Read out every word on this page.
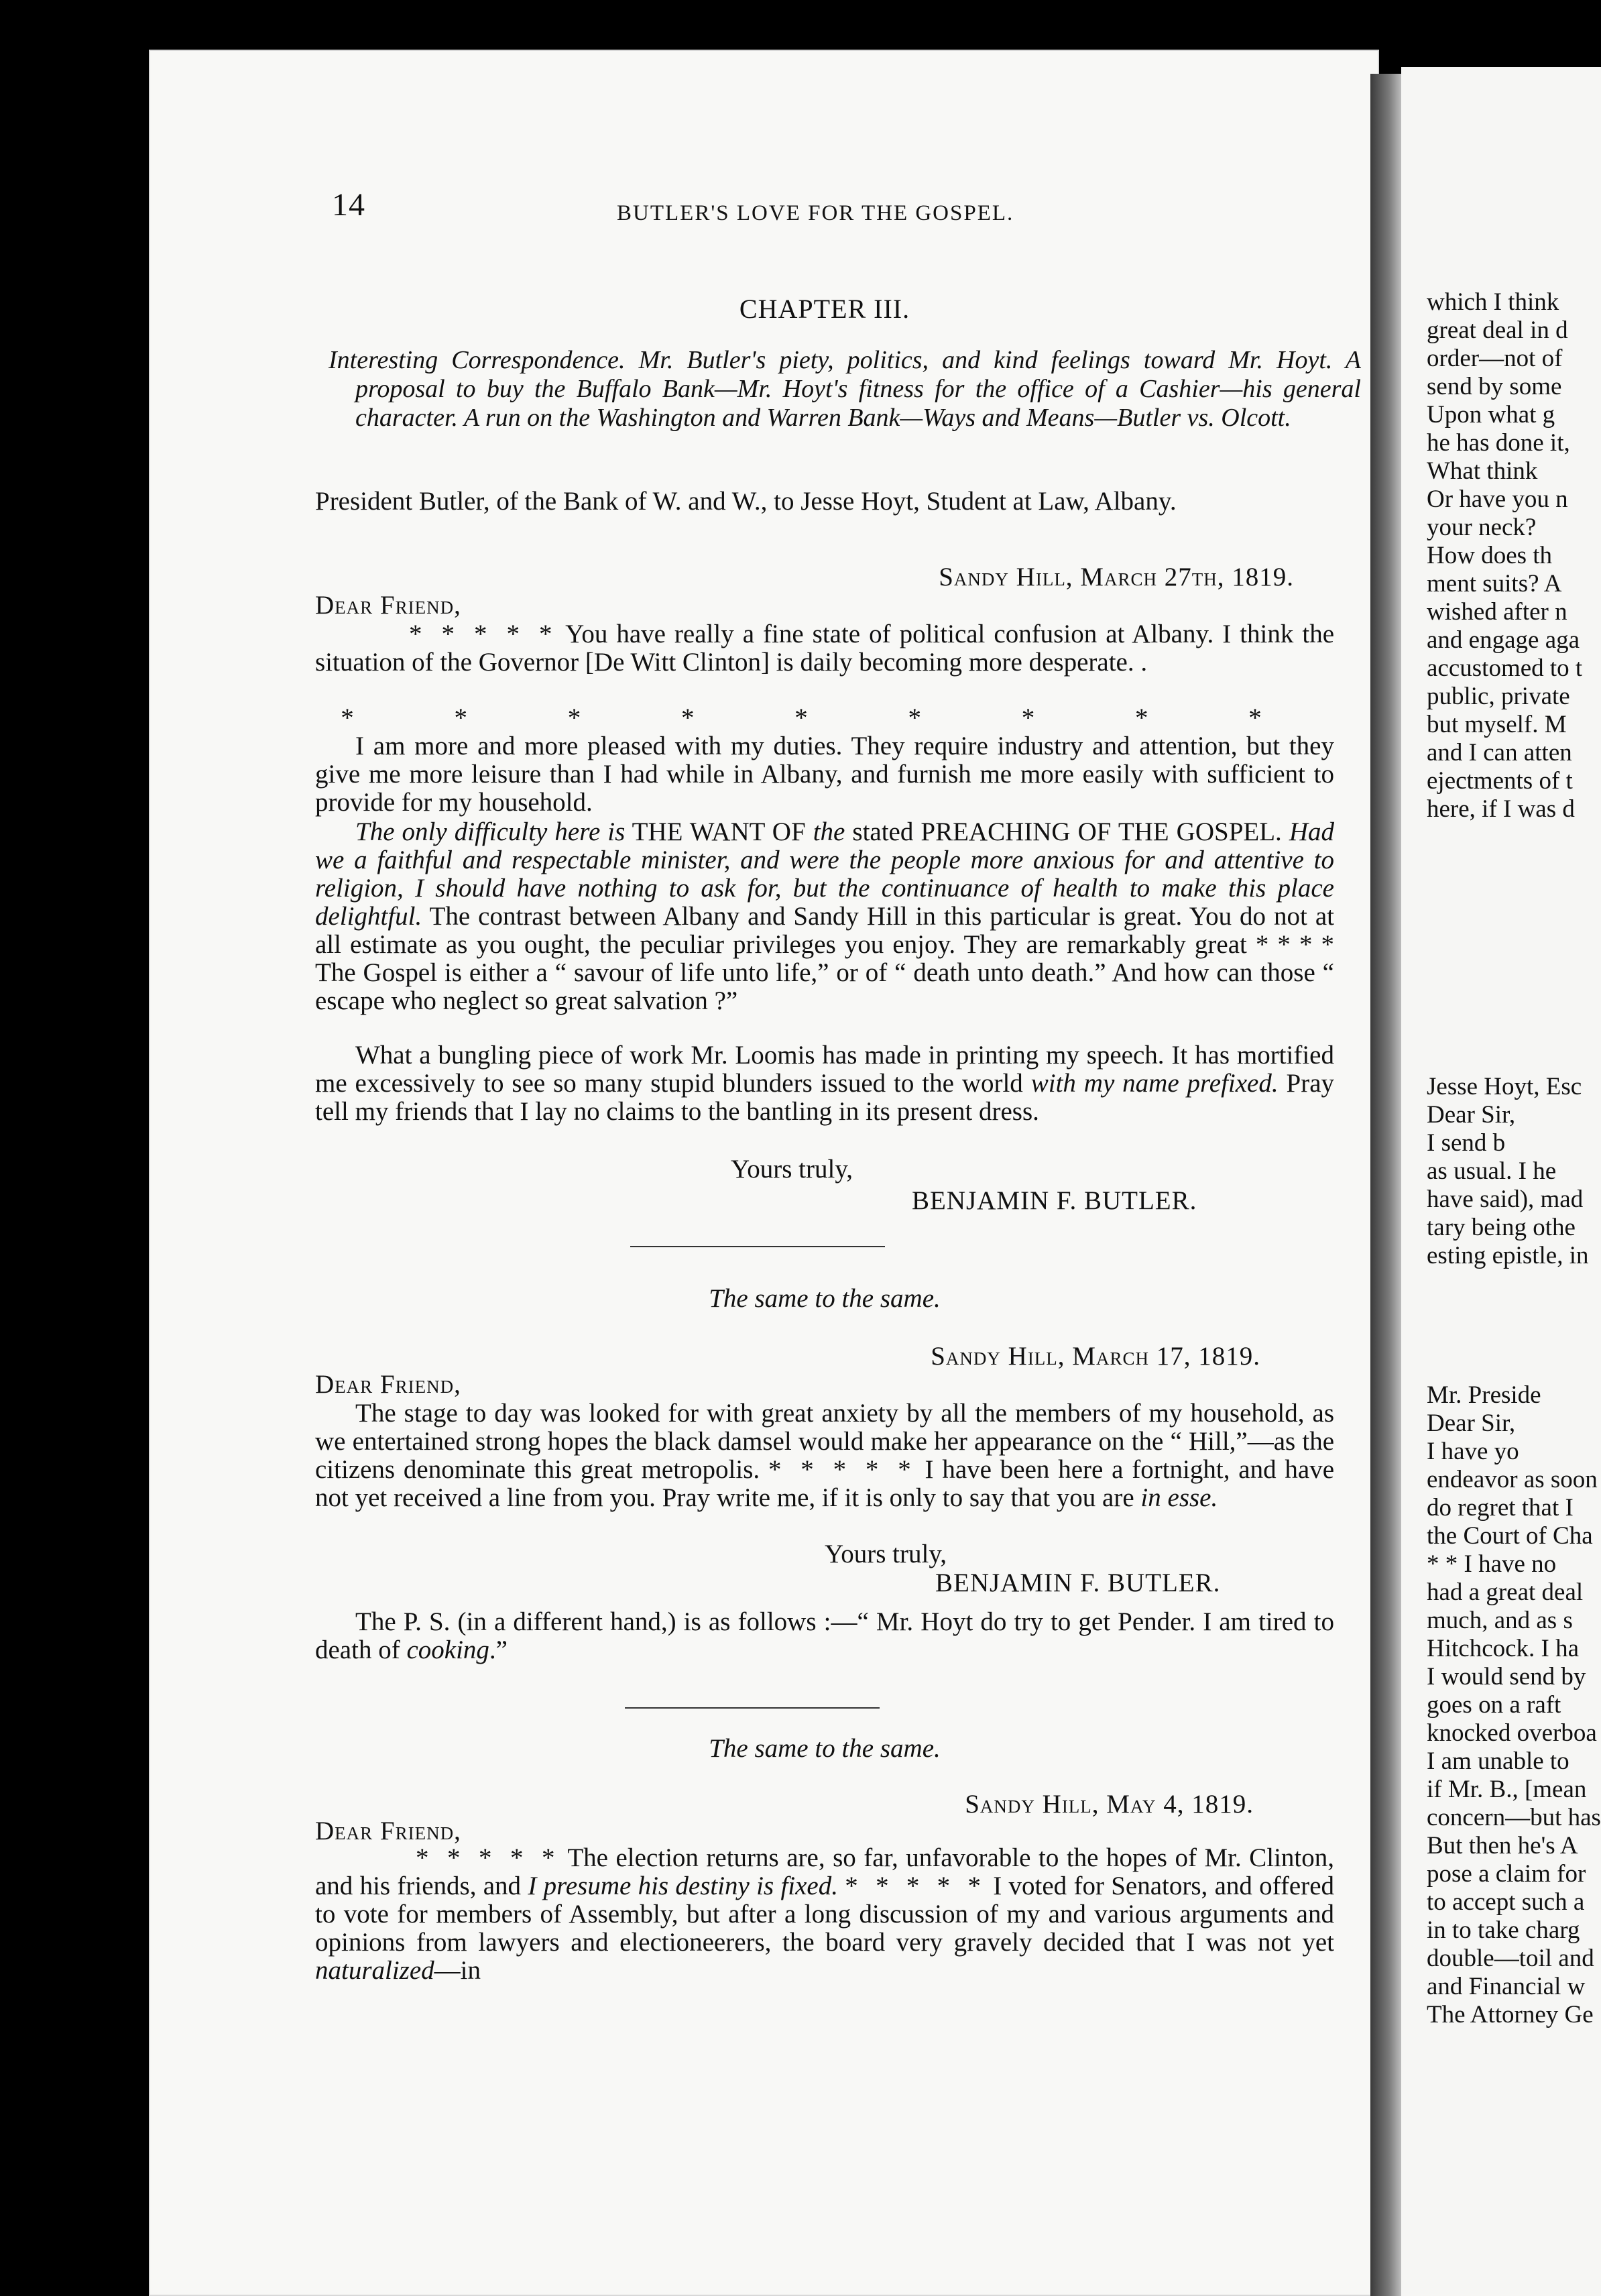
which I think
great deal in d
order—not of
send by some
Upon what g
he has done it,
What think
Or have you n
your neck?
How does th
ment suits? A
wished after n
and engage aga
accustomed to t
public, private
but myself. M
and I can atten
ejectments of t
here, if I was d
Jesse Hoyt, Esc
Dear Sir,
I send b
as usual. I he
have said), mad
tary being othe
esting epistle, in
Mr. Preside
Dear Sir,
I have yo
endeavor as soon
do regret that I
the Court of Cha
* * I have no
had a great deal
much, and as s
Hitchcock. I ha
I would send by
goes on a raft
knocked overboa
I am unable to
if Mr. B., [mean
concern—but has
But then he's A
pose a claim for
to accept such a
in to take charg
double—toil and
and Financial w
The Attorney Ge
14	BUTLER'S LOVE FOR THE GOSPEL.
CHAPTER III.
Interesting Correspondence. Mr. Butler's piety, politics, and kind feelings toward Mr. Hoyt. A proposal to buy the Buffalo Bank—Mr. Hoyt's fitness for the office of a Cashier—his general character. A run on the Washington and Warren Bank—Ways and Means—Butler vs. Olcott.
President Butler, of the Bank of W. and W., to Jesse Hoyt, Student at Law, Albany.
Sandy Hill, March 27th, 1819.
Dear Friend,
* * * * * You have really a fine state of political confusion at Albany. I think the situation of the Governor [De Witt Clinton] is daily becoming more desperate. .
* * * * * * * * *
I am more and more pleased with my duties. They require industry and attention, but they give me more leisure than I had while in Albany, and furnish me more easily with sufficient to provide for my household.
The only difficulty here is THE WANT OF the stated PREACHING OF THE GOSPEL. Had we a faithful and respectable minister, and were the people more anxious for and attentive to religion, I should have nothing to ask for, but the continuance of health to make this place delightful. The contrast between Albany and Sandy Hill in this particular is great. You do not at all estimate as you ought, the peculiar privileges you enjoy. They are remarkably great * * * * The Gospel is either a “ savour of life unto life,” or of “ death unto death.” And how can those “ escape who neglect so great salvation ?”
What a bungling piece of work Mr. Loomis has made in printing my speech. It has mortified me excessively to see so many stupid blunders issued to the world with my name prefixed. Pray tell my friends that I lay no claims to the bantling in its present dress.
Yours truly,
BENJAMIN F. BUTLER.
The same to the same.
Sandy Hill, March 17, 1819.
Dear Friend,
The stage to day was looked for with great anxiety by all the members of my household, as we entertained strong hopes the black damsel would make her appearance on the “ Hill,”—as the citizens denominate this great metropolis. * * * * * I have been here a fortnight, and have not yet received a line from you. Pray write me, if it is only to say that you are in esse.
Yours truly,
BENJAMIN F. BUTLER.
The P. S. (in a different hand,) is as follows :—“ Mr. Hoyt do try to get Pender. I am tired to death of cooking.”
The same to the same.
Sandy Hill, May 4, 1819.
Dear Friend,
* * * * * The election returns are, so far, unfavorable to the hopes of Mr. Clinton, and his friends, and I presume his destiny is fixed. * * * * * I voted for Senators, and offered to vote for members of Assembly, but after a long discussion of my and various arguments and opinions from lawyers and electioneerers, the board very gravely decided that I was not yet naturalized—in
